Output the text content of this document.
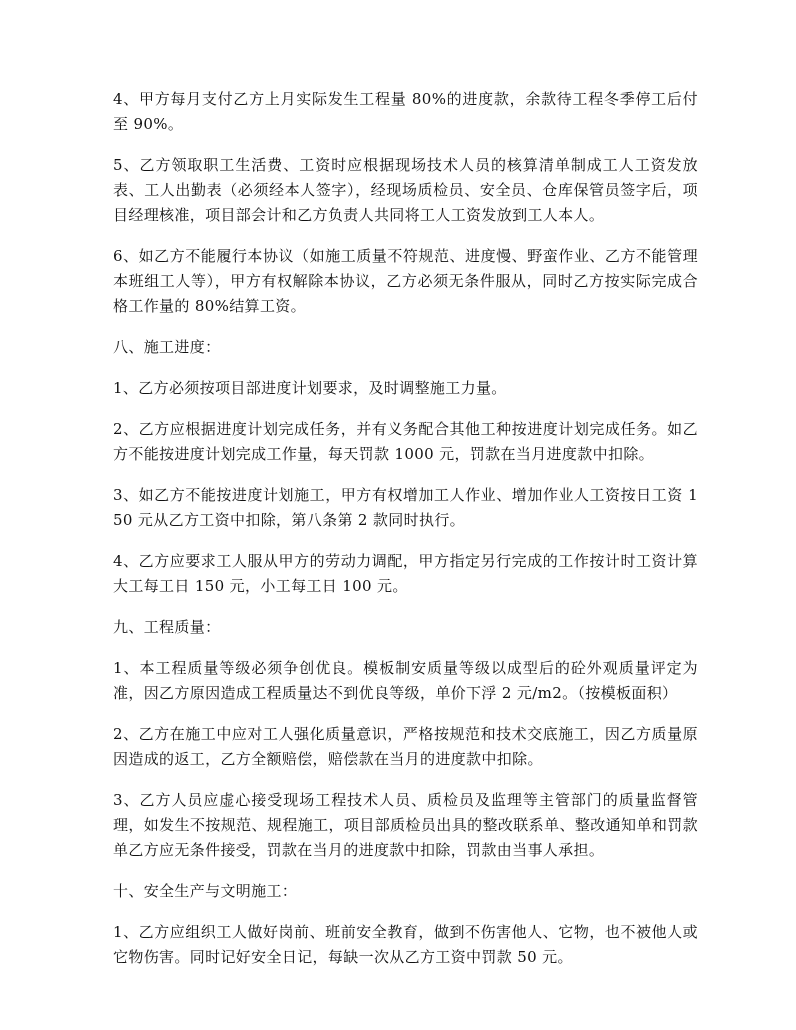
4、甲方每月支付乙方上月实际发生工程量 80%的进度款，余款待工程冬季停工后付至 90%。

5、乙方领取职工生活费、工资时应根据现场技术人员的核算清单制成工人工资发放表、工人出勤表（必须经本人签字），经现场质检员、安全员、仓库保管员签字后，项目经理核准，项目部会计和乙方负责人共同将工人工资发放到工人本人。

6、如乙方不能履行本协议（如施工质量不符规范、进度慢、野蛮作业、乙方不能管理本班组工人等），甲方有权解除本协议，乙方必须无条件服从，同时乙方按实际完成合格工作量的 80%结算工资。

八、施工进度：

1、乙方必须按项目部进度计划要求，及时调整施工力量。

2、乙方应根据进度计划完成任务，并有义务配合其他工种按进度计划完成任务。如乙方不能按进度计划完成工作量，每天罚款 1000 元，罚款在当月进度款中扣除。

3、如乙方不能按进度计划施工，甲方有权增加工人作业、增加作业人工资按日工资 150 元从乙方工资中扣除，第八条第 2 款同时执行。

4、乙方应要求工人服从甲方的劳动力调配，甲方指定另行完成的工作按计时工资计算大工每工日 150 元，小工每工日 100 元。

九、工程质量：

1、本工程质量等级必须争创优良。模板制安质量等级以成型后的砼外观质量评定为准，因乙方原因造成工程质量达不到优良等级，单价下浮 2 元/m2。（按模板面积）

2、乙方在施工中应对工人强化质量意识，严格按规范和技术交底施工，因乙方质量原因造成的返工，乙方全额赔偿，赔偿款在当月的进度款中扣除。

3、乙方人员应虚心接受现场工程技术人员、质检员及监理等主管部门的质量监督管理，如发生不按规范、规程施工，项目部质检员出具的整改联系单、整改通知单和罚款单乙方应无条件接受，罚款在当月的进度款中扣除，罚款由当事人承担。

十、安全生产与文明施工：

1、乙方应组织工人做好岗前、班前安全教育，做到不伤害他人、它物，也不被他人或它物伤害。同时记好安全日记，每缺一次从乙方工资中罚款 50 元。
